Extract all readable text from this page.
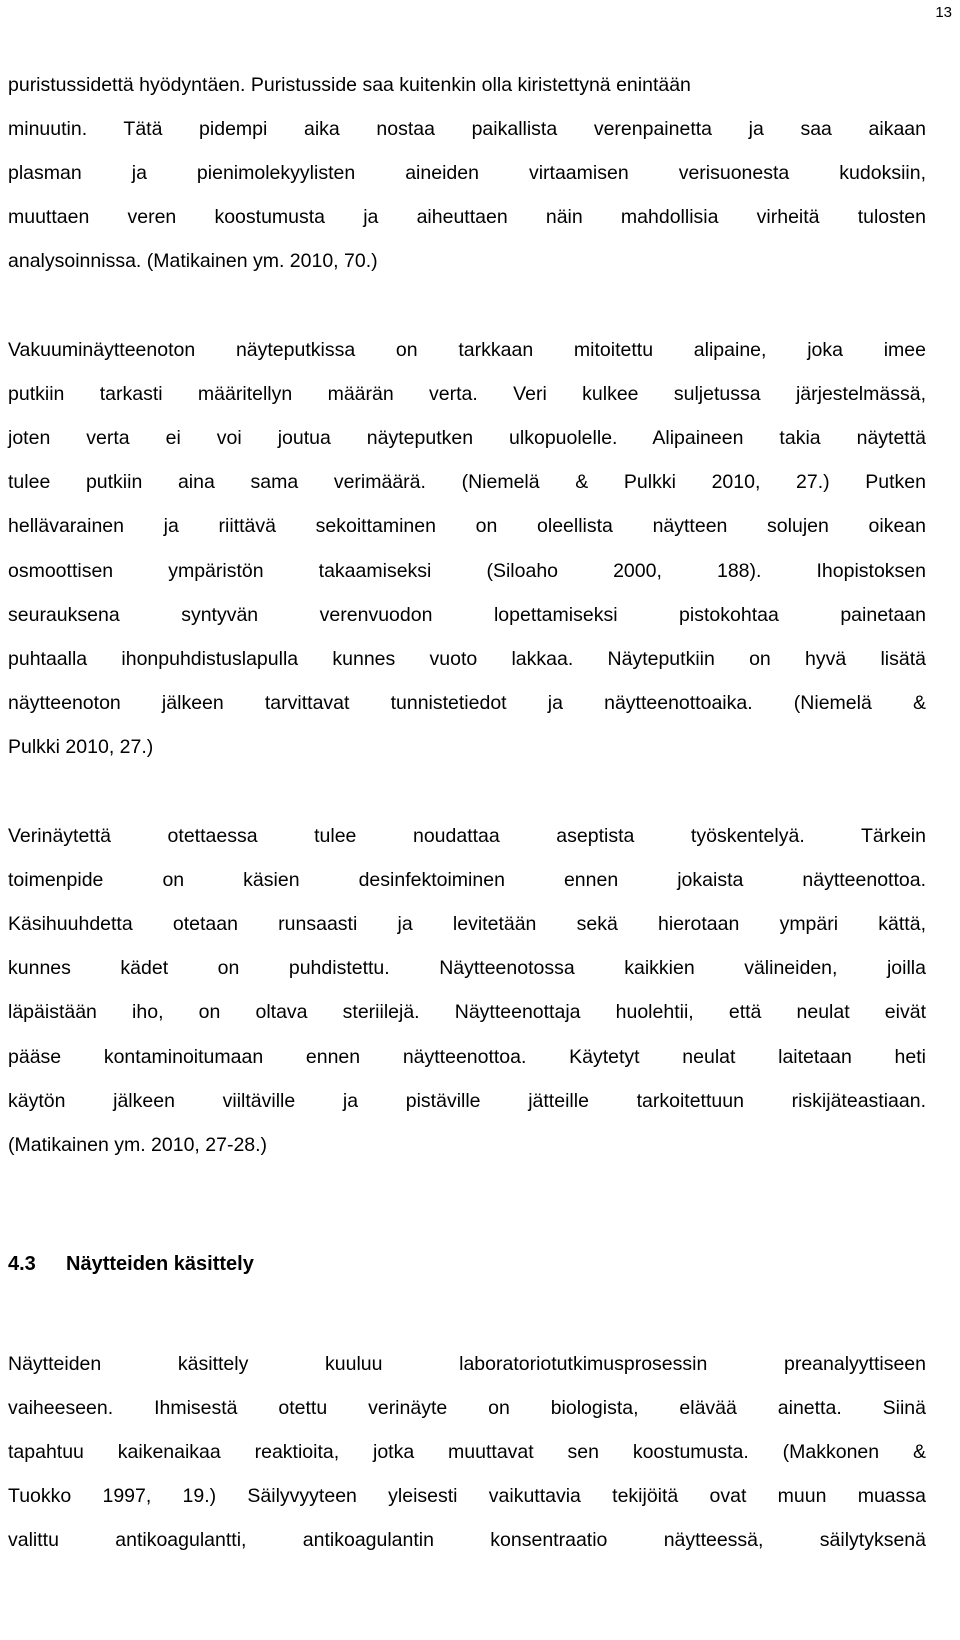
13
puristussidettä hyödyntäen. Puristusside saa kuitenkin olla kiristettynä enintään
minuutin. Tätä pidempi aika nostaa paikallista verenpainetta ja saa aikaan
plasman ja pienimolekyylisten aineiden virtaamisen verisuonesta kudoksiin,
muuttaen veren koostumusta ja aiheuttaen näin mahdollisia virheitä tulosten
analysoinnissa. (Matikainen ym. 2010, 70.)
Vakuuminäytteenoton näyteputkissa on tarkkaan mitoitettu alipaine, joka imee
putkiin tarkasti määritellyn määrän verta. Veri kulkee suljetussa järjestelmässä,
joten verta ei voi joutua näyteputken ulkopuolelle. Alipaineen takia näytettä
tulee putkiin aina sama verimäärä. (Niemelä & Pulkki 2010, 27.) Putken
hellävarainen ja riittävä sekoittaminen on oleellista näytteen solujen oikean
osmoottisen ympäristön takaamiseksi (Siloaho 2000, 188). Ihopistoksen
seurauksena syntyvän verenvuodon lopettamiseksi pistokohtaa painetaan
puhtaalla ihonpuhdistuslapulla kunnes vuoto lakkaa. Näyteputkiin on hyvä lisätä
näytteenoton jälkeen tarvittavat tunnistetiedot ja näytteenottoaika. (Niemelä &
Pulkki 2010, 27.)
Verinäytettä otettaessa tulee noudattaa aseptista työskentelyä. Tärkein
toimenpide on käsien desinfektoiminen ennen jokaista näytteenottoa.
Käsihuuhdetta otetaan runsaasti ja levitetään sekä hierotaan ympäri kättä,
kunnes kädet on puhdistettu. Näytteenotossa kaikkien välineiden, joilla
läpäistään iho, on oltava steriilejä. Näytteenottaja huolehtii, että neulat eivät
pääse kontaminoitumaan ennen näytteenottoa. Käytetyt neulat laitetaan heti
käytön jälkeen viiltäville ja pistäville jätteille tarkoitettuun riskijäteastiaan.
(Matikainen ym. 2010, 27-28.)
4.3 Näytteiden käsittely
Näytteiden käsittely kuuluu laboratoriotutkimusprosessin preanalyyttiseen
vaiheeseen. Ihmisestä otettu verinäyte on biologista, elävää ainetta. Siinä
tapahtuu kaikenaikaa reaktioita, jotka muuttavat sen koostumusta. (Makkonen &
Tuokko 1997, 19.) Säilyvyyteen yleisesti vaikuttavia tekijöitä ovat muun muassa
valittu antikoagulantti, antikoagulantin konsentraatio näytteessä, säilytyksenä
